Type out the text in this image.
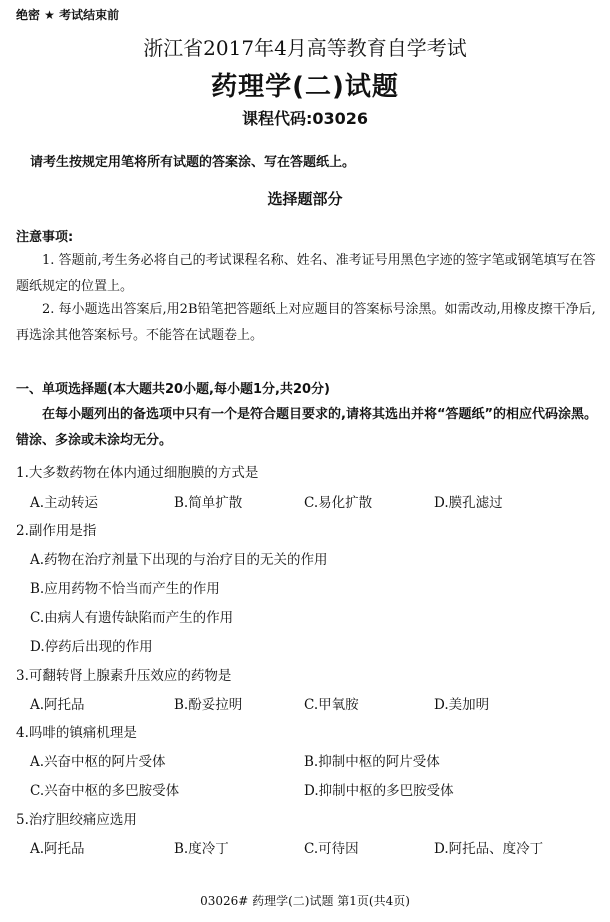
绝密 ★ 考试结束前
浙江省2017年4月高等教育自学考试
药理学(二)试题
课程代码:03026
请考生按规定用笔将所有试题的答案涂、写在答题纸上。
选择题部分
注意事项:

1. 答题前,考生务必将自己的考试课程名称、姓名、准考证号用黑色字迹的签字笔或钢笔填写在答题纸规定的位置上。

2. 每小题选出答案后,用2B铅笔把答题纸上对应题目的答案标号涂黑。如需改动,用橡皮擦干净后,再选涂其他答案标号。不能答在试题卷上。

一、单项选择题(本大题共20小题,每小题1分,共20分)

在每小题列出的备选项中只有一个是符合题目要求的,请将其选出并将“答题纸”的相应代码涂黑。错涂、多涂或未涂均无分。

1.大多数药物在体内通过细胞膜的方式是
A.主动转运	B.简单扩散	C.易化扩散	D.膜孔滤过
2.副作用是指
A.药物在治疗剂量下出现的与治疗目的无关的作用
B.应用药物不恰当而产生的作用
C.由病人有遗传缺陷而产生的作用
D.停药后出现的作用
3.可翻转肾上腺素升压效应的药物是
A.阿托品	B.酚妥拉明	C.甲氧胺	D.美加明
4.吗啡的镇痛机理是
A.兴奋中枢的阿片受体	B.抑制中枢的阿片受体
C.兴奋中枢的多巴胺受体	D.抑制中枢的多巴胺受体
5.治疗胆绞痛应选用
A.阿托品	B.度冷丁	C.可待因	D.阿托品、度冷丁
03026# 药理学(二)试题 第1页(共4页)
